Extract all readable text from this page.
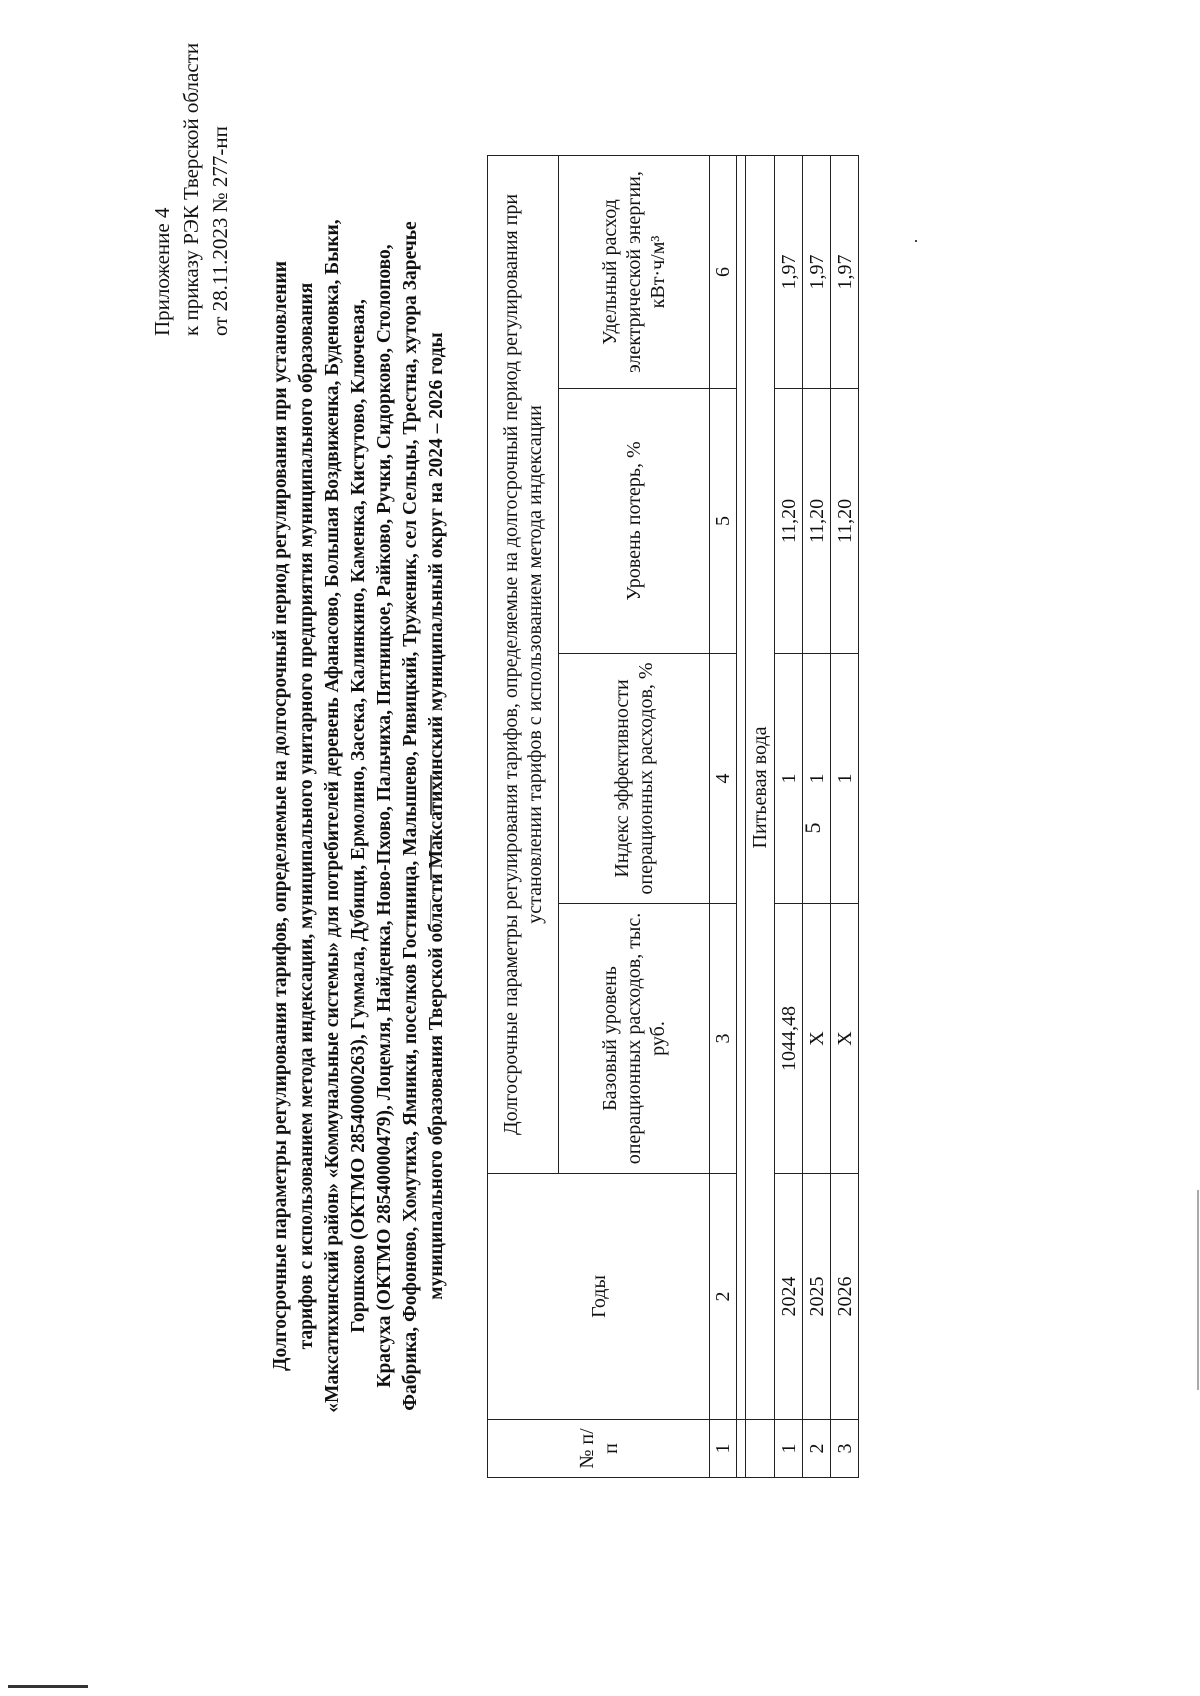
5
Приложение 4 к приказу РЭК Тверской области от 28.11.2023 № 277-нп
Долгосрочные параметры регулирования тарифов, определяемые на долгосрочный период регулирования при установлении тарифов с использованием метода индексации, муниципального унитарного предприятия муниципального образования «Максатихинский район» «Коммунальные системы» для потребителей деревень Афанасово, Большая Воздвиженка, Буденовка, Быки, Горшково (ОКТМО 28540000263), Гуммала, Дубищи, Ермолино, Засека, Калинкино, Каменка, Кистутово, Ключевая, Красуха (ОКТМО 28540000479), Лоцемля, Найденка, Ново-Пхово, Пальчиха, Пятницкое, Райково, Ручки, Сидорково, Столопово, Фабрика, Фофоново, Хомутиха, Ямники, поселков Гостиница, Малышево, Ривицкий, Труженик, сел Сельцы, Трестна, хутора Заречье муниципального образования Тверской области Максатихинский муниципальный округ на 2024 – 2026 годы
№ п/п	Годы	Долгосрочные параметры регулирования тарифов, определяемые на долгосрочный период регулирования при установлении тарифов с использованием метода индексации			
		Базовый уровень операционных расходов, тыс. руб.	Индекс эффективности операционных расходов, %	Уровень потерь, %	Удельный расход электрической энергии, кВт·ч/м³
1	2	3	4	5	6

	Питьевая вода				
1	2024	1044,48	1	11,20	1,97
2	2025	Х	1	11,20	1,97
3	2026	Х	1	11,20	1,97
